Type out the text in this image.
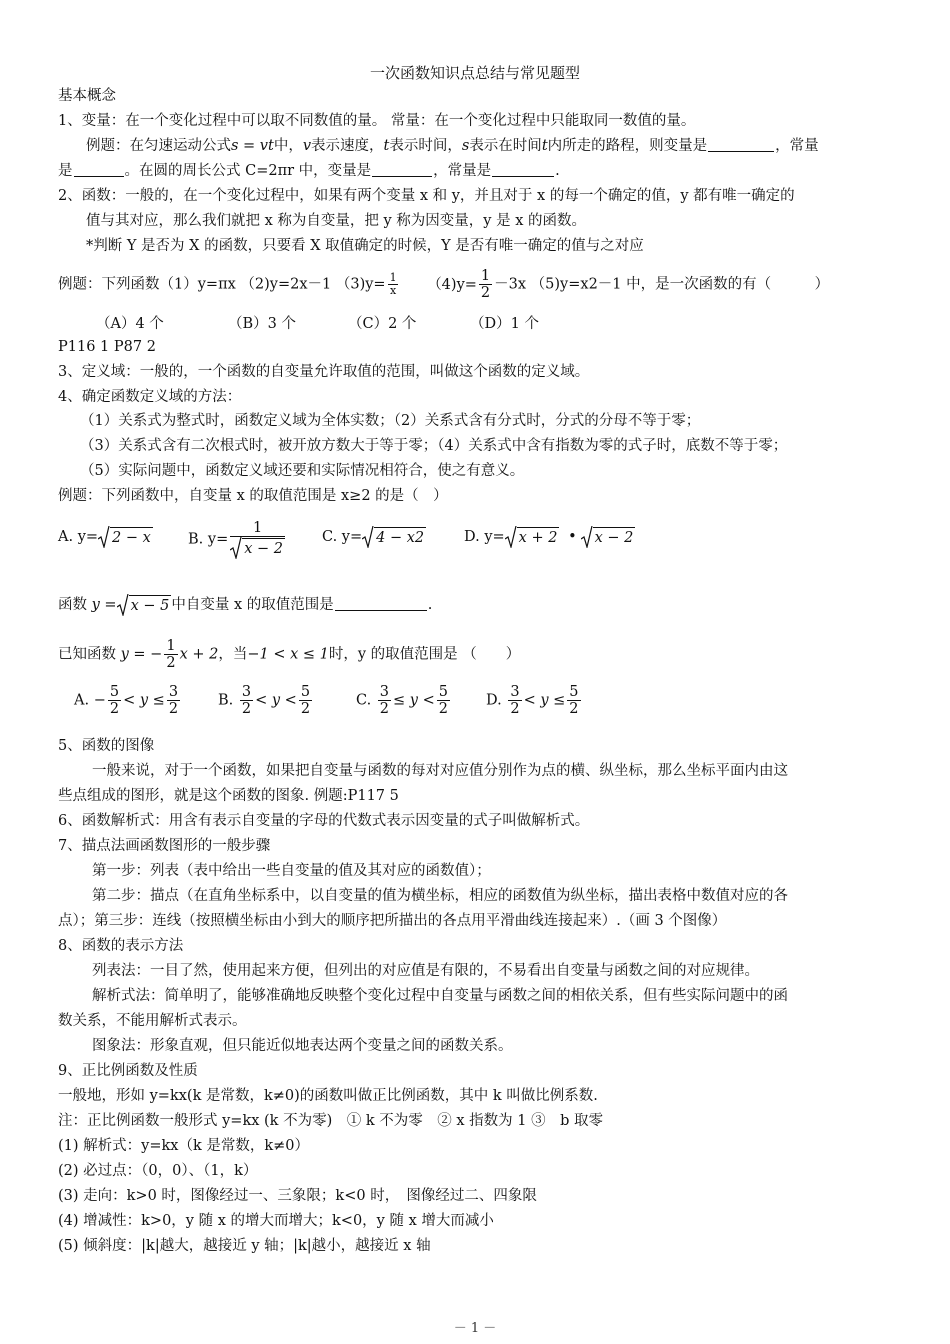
一次函数知识点总结与常见题型
基本概念
1、变量：在一个变化过程中可以取不同数值的量。 常量：在一个变化过程中只能取同一数值的量。
例题：在匀速运动公式s = vt中，v表示速度，t表示时间，s表示在时间t内所走的路程，则变量是	，常量
是	。在圆的周长公式 C=2πr 中，变量是	，常量是	.
2、函数：一般的，在一个变化过程中，如果有两个变量 x 和 y，并且对于 x 的每一个确定的值，y 都有唯一确定的
值与其对应，那么我们就把 x 称为自变量，把 y 称为因变量，y 是 x 的函数。
*判断 Y 是否为 X 的函数，只要看 X 取值确定的时候，Y 是否有唯一确定的值与之对应
例题：下列函数（1）y=πx （2)y=2x－1 $(3)y= \frac{1}{x} (4)y= \frac{1}{2} -3x$ （5)y=x2－1 中，是一次函数的有（　　　）
（A）4 个	（B）3 个	（C）2 个	（D）1 个
P116 1 P87 2
3、定义域：一般的，一个函数的自变量允许取值的范围，叫做这个函数的定义域。
4、确定函数定义域的方法：
（1）关系式为整式时，函数定义域为全体实数；（2）关系式含有分式时，分式的分母不等于零；
（3）关系式含有二次根式时，被开放方数大于等于零；（4）关系式中含有指数为零的式子时，底数不等于零；
（5）实际问题中，函数定义域还要和实际情况相符合，使之有意义。
例题：下列函数中，自变量 x 的取值范围是 x≥2 的是（　）
A. y= 2 − x	B. $y= \frac{1}{x - 2}$	C. y= 4 − x2	D. y= x + 2 • x − 2
函数 y = x − 5 中自变量 x 的取值范围是	.
已知函数 y = − $\frac{1}{2}$ x + 2，当−1 < x ≤ 1时，y 的取值范围是 （　　）
A. − $\frac{5}{2} < y \le \frac{3}{2}$	B. $\frac{3}{2} < y < \frac{5}{2}$	C. $\frac{3}{2} \le y < \frac{5}{2} D$. $\frac{3}{2} < y \le \frac{5}{2}$
5、函数的图像
一般来说，对于一个函数，如果把自变量与函数的每对对应值分别作为点的横、纵坐标，那么坐标平面内由这
些点组成的图形，就是这个函数的图象. 例题:P117 5
6、函数解析式：用含有表示自变量的字母的代数式表示因变量的式子叫做解析式。
7、描点法画函数图形的一般步骤
第一步：列表（表中给出一些自变量的值及其对应的函数值）；
第二步：描点（在直角坐标系中，以自变量的值为横坐标，相应的函数值为纵坐标，描出表格中数值对应的各
点）；第三步：连线（按照横坐标由小到大的顺序把所描出的各点用平滑曲线连接起来）.（画 3 个图像）
8、函数的表示方法
列表法：一目了然，使用起来方便，但列出的对应值是有限的，不易看出自变量与函数之间的对应规律。
解析式法：简单明了，能够准确地反映整个变化过程中自变量与函数之间的相依关系，但有些实际问题中的函
数关系，不能用解析式表示。
图象法：形象直观，但只能近似地表达两个变量之间的函数关系。
9、正比例函数及性质
一般地，形如 y=kx(k 是常数，k≠0)的函数叫做正比例函数，其中 k 叫做比例系数.
注：正比例函数一般形式 y=kx (k 不为零)　① k 不为零　② x 指数为 1 ③　b 取零
(1) 解析式：y=kx（k 是常数，k≠0）
(2) 必过点：（0，0）、（1，k）
(3) 走向：k>0 时，图像经过一、三象限；k<0 时，　图像经过二、四象限
(4) 增减性：k>0，y 随 x 的增大而增大；k<0，y 随 x 增大而减小
(5) 倾斜度：|k|越大，越接近 y 轴；|k|越小，越接近 x 轴
－ 1 －
